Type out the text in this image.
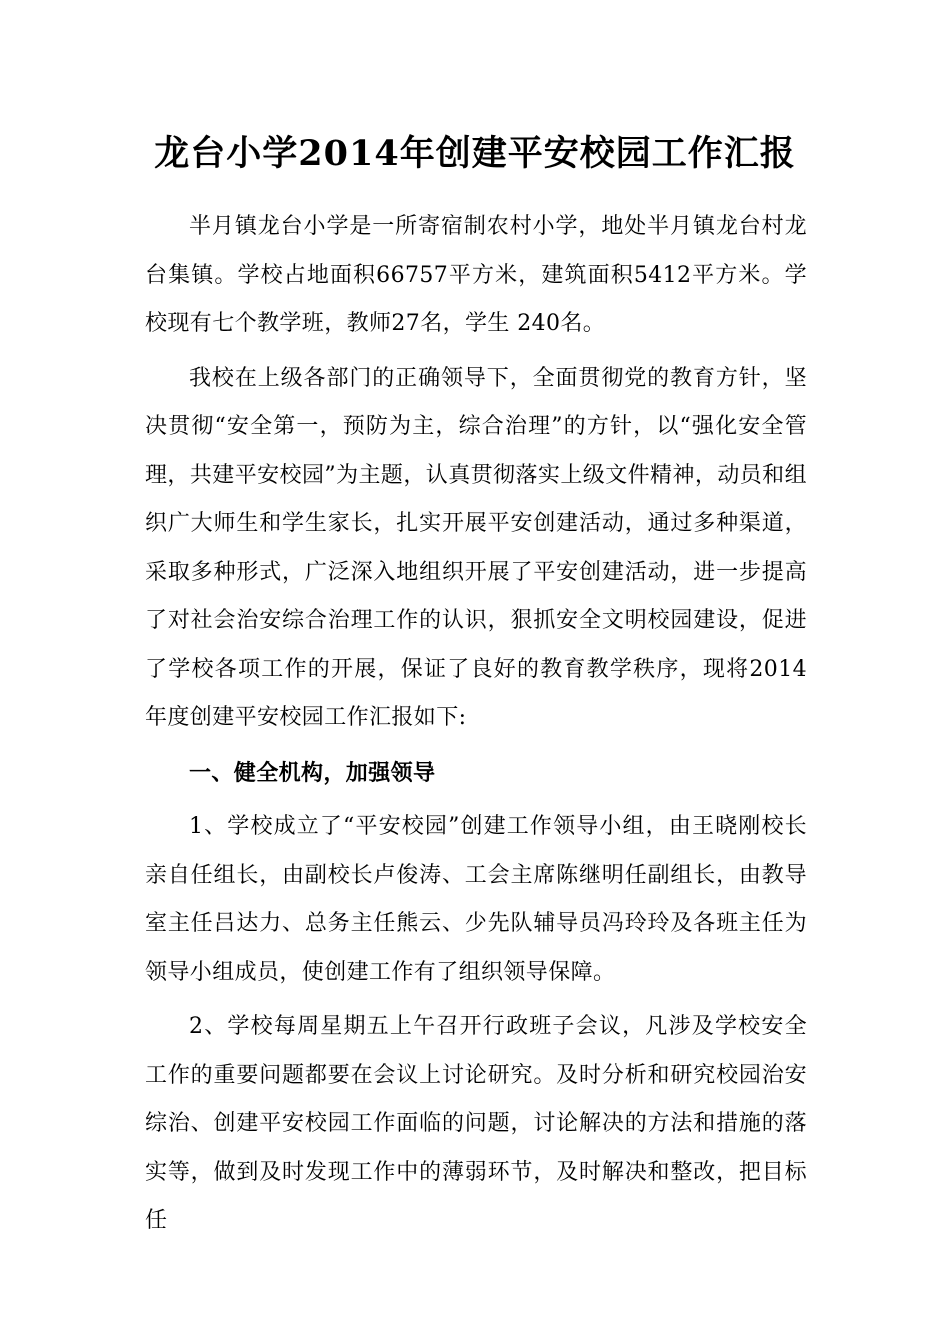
龙台小学2014年创建平安校园工作汇报

半月镇龙台小学是一所寄宿制农村小学，地处半月镇龙台村龙台集镇。学校占地面积66757平方米，建筑面积5412平方米。学校现有七个教学班，教师27名，学生 240名。

我校在上级各部门的正确领导下，全面贯彻党的教育方针，坚决贯彻“安全第一，预防为主，综合治理”的方针，以“强化安全管理，共建平安校园”为主题，认真贯彻落实上级文件精神，动员和组织广大师生和学生家长，扎实开展平安创建活动，通过多种渠道，采取多种形式，广泛深入地组织开展了平安创建活动，进一步提高了对社会治安综合治理工作的认识，狠抓安全文明校园建设，促进了学校各项工作的开展，保证了良好的教育教学秩序，现将2014年度创建平安校园工作汇报如下:

一、健全机构，加强领导

1、学校成立了“平安校园”创建工作领导小组，由王晓刚校长亲自任组长，由副校长卢俊涛、工会主席陈继明任副组长，由教导室主任吕达力、总务主任熊云、少先队辅导员冯玲玲及各班主任为领导小组成员，使创建工作有了组织领导保障。

2、学校每周星期五上午召开行政班子会议，凡涉及学校安全工作的重要问题都要在会议上讨论研究。及时分析和研究校园治安综治、创建平安校园工作面临的问题，讨论解决的方法和措施的落实等，做到及时发现工作中的薄弱环节，及时解决和整改，把目标任
